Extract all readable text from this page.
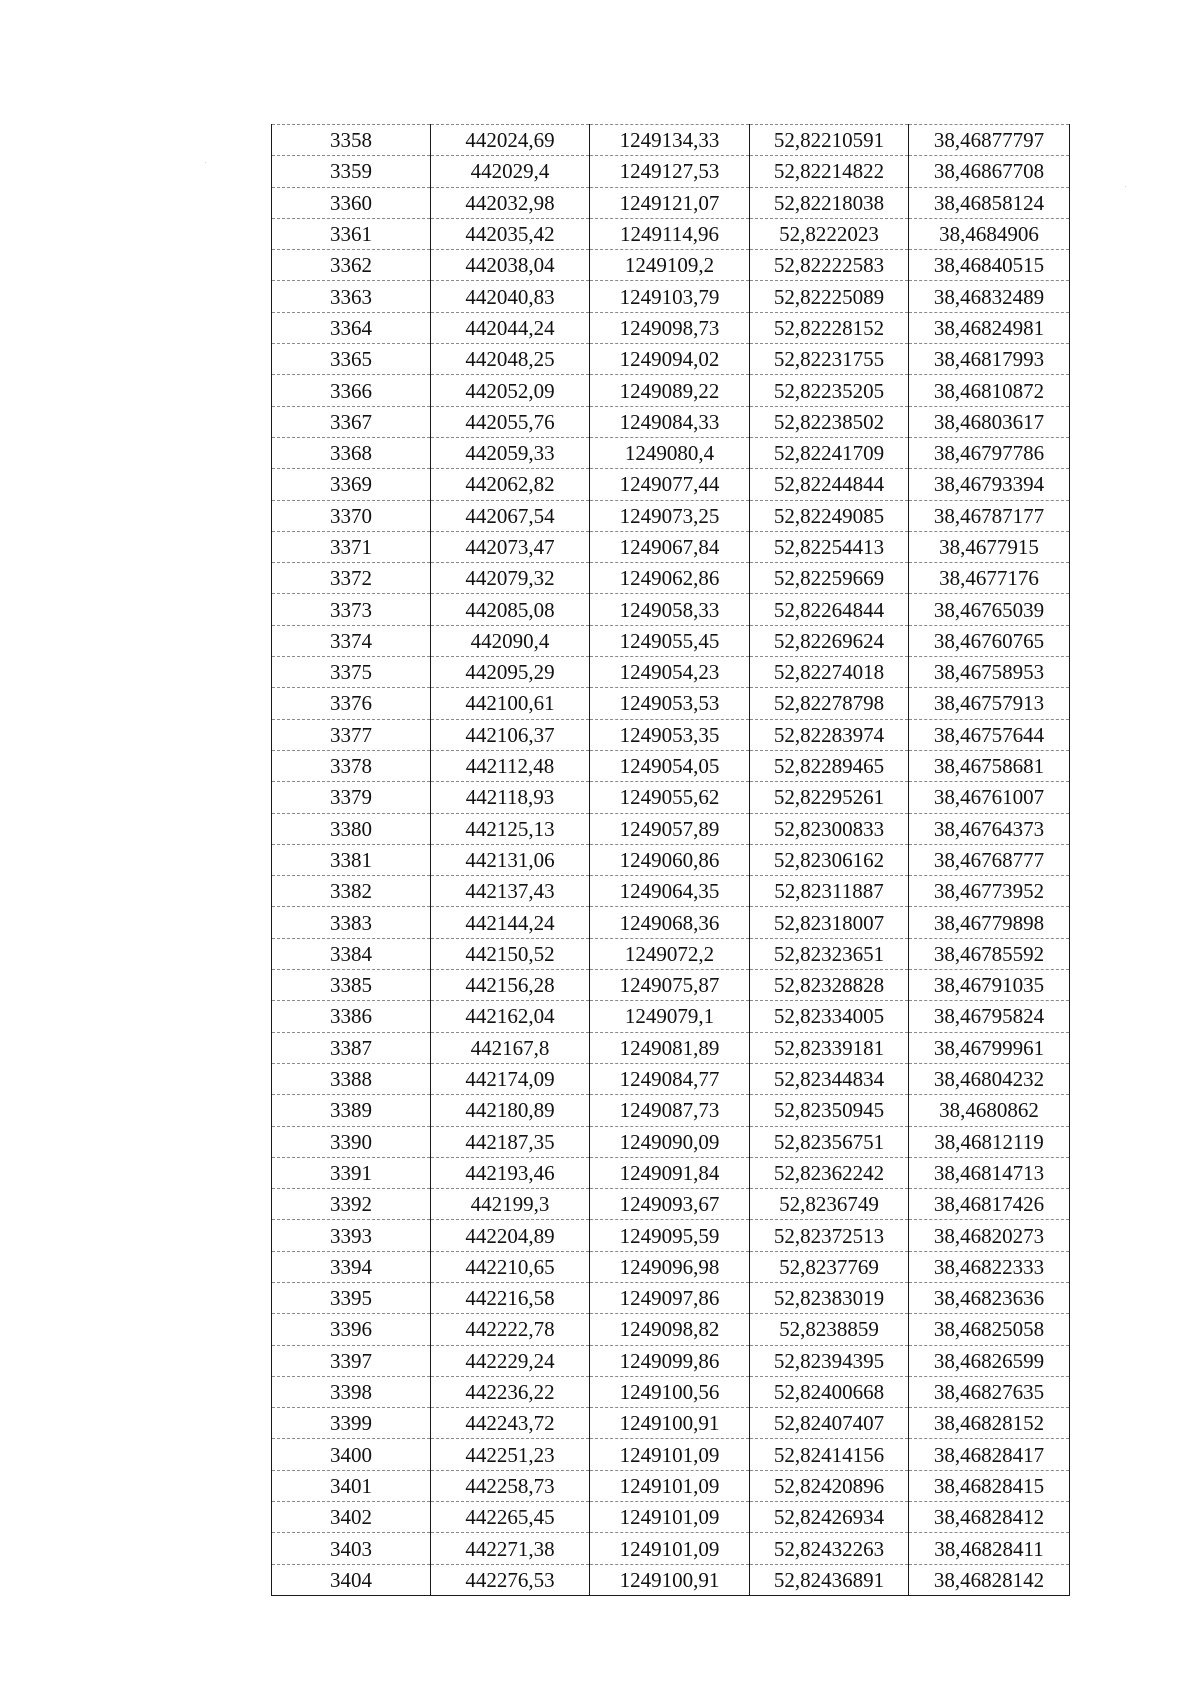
3358	442024,69	1249134,33	52,82210591	38,46877797
3359	442029,4	1249127,53	52,82214822	38,46867708
3360	442032,98	1249121,07	52,82218038	38,46858124
3361	442035,42	1249114,96	52,8222023	38,4684906
3362	442038,04	1249109,2	52,82222583	38,46840515
3363	442040,83	1249103,79	52,82225089	38,46832489
3364	442044,24	1249098,73	52,82228152	38,46824981
3365	442048,25	1249094,02	52,82231755	38,46817993
3366	442052,09	1249089,22	52,82235205	38,46810872
3367	442055,76	1249084,33	52,82238502	38,46803617
3368	442059,33	1249080,4	52,82241709	38,46797786
3369	442062,82	1249077,44	52,82244844	38,46793394
3370	442067,54	1249073,25	52,82249085	38,46787177
3371	442073,47	1249067,84	52,82254413	38,4677915
3372	442079,32	1249062,86	52,82259669	38,4677176
3373	442085,08	1249058,33	52,82264844	38,46765039
3374	442090,4	1249055,45	52,82269624	38,46760765
3375	442095,29	1249054,23	52,82274018	38,46758953
3376	442100,61	1249053,53	52,82278798	38,46757913
3377	442106,37	1249053,35	52,82283974	38,46757644
3378	442112,48	1249054,05	52,82289465	38,46758681
3379	442118,93	1249055,62	52,82295261	38,46761007
3380	442125,13	1249057,89	52,82300833	38,46764373
3381	442131,06	1249060,86	52,82306162	38,46768777
3382	442137,43	1249064,35	52,82311887	38,46773952
3383	442144,24	1249068,36	52,82318007	38,46779898
3384	442150,52	1249072,2	52,82323651	38,46785592
3385	442156,28	1249075,87	52,82328828	38,46791035
3386	442162,04	1249079,1	52,82334005	38,46795824
3387	442167,8	1249081,89	52,82339181	38,46799961
3388	442174,09	1249084,77	52,82344834	38,46804232
3389	442180,89	1249087,73	52,82350945	38,4680862
3390	442187,35	1249090,09	52,82356751	38,46812119
3391	442193,46	1249091,84	52,82362242	38,46814713
3392	442199,3	1249093,67	52,8236749	38,46817426
3393	442204,89	1249095,59	52,82372513	38,46820273
3394	442210,65	1249096,98	52,8237769	38,46822333
3395	442216,58	1249097,86	52,82383019	38,46823636
3396	442222,78	1249098,82	52,8238859	38,46825058
3397	442229,24	1249099,86	52,82394395	38,46826599
3398	442236,22	1249100,56	52,82400668	38,46827635
3399	442243,72	1249100,91	52,82407407	38,46828152
3400	442251,23	1249101,09	52,82414156	38,46828417
3401	442258,73	1249101,09	52,82420896	38,46828415
3402	442265,45	1249101,09	52,82426934	38,46828412
3403	442271,38	1249101,09	52,82432263	38,46828411
3404	442276,53	1249100,91	52,82436891	38,46828142
